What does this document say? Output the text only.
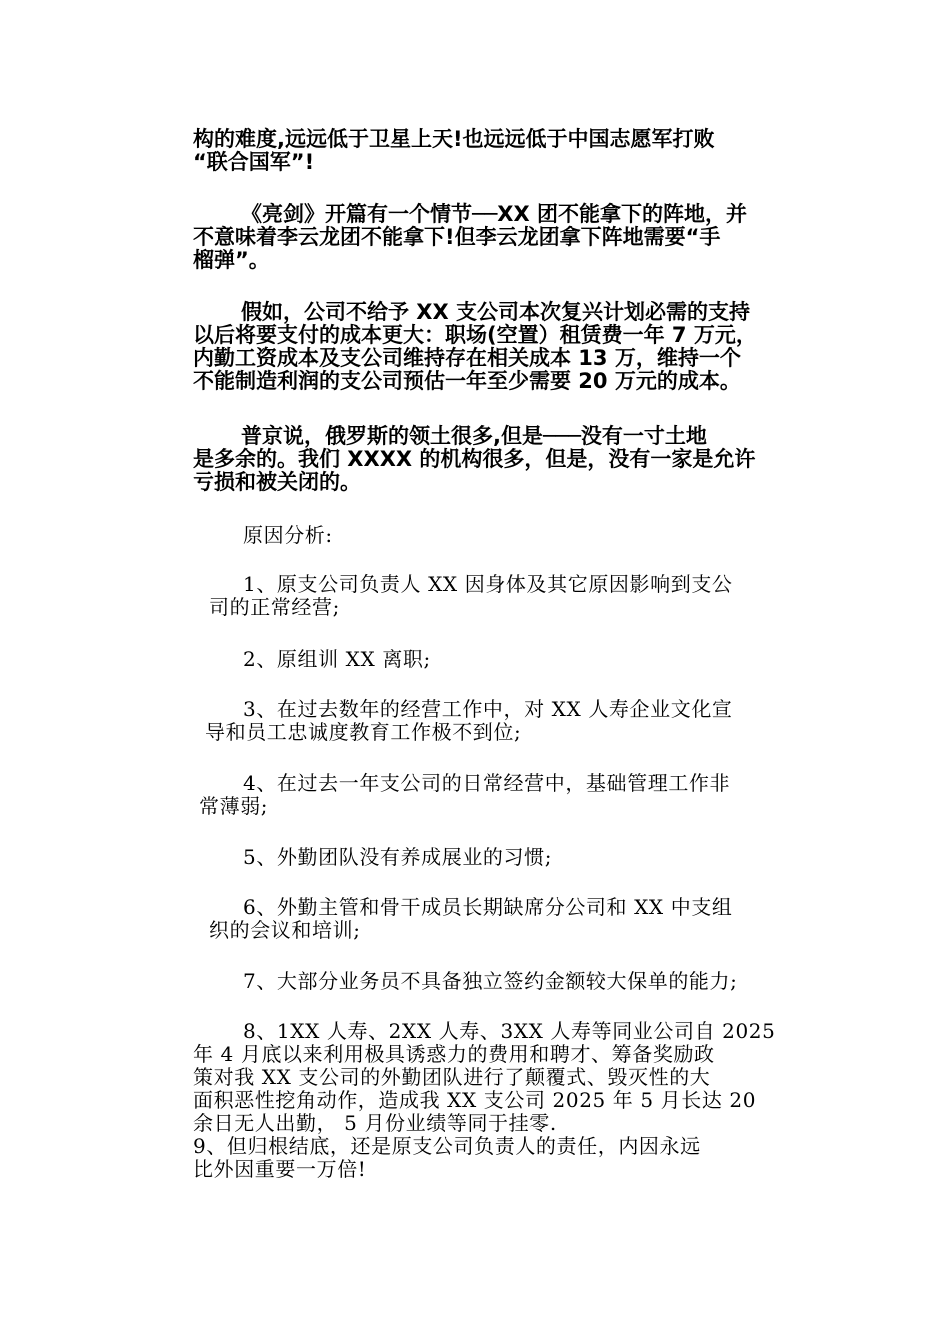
构的难度,远远低于卫星上天!也远远低于中国志愿军打败
“联合国军”!

《亮剑》开篇有一个情节──XX 团不能拿下的阵地，并
不意味着李云龙团不能拿下!但李云龙团拿下阵地需要“手
榴弹”。

假如，公司不给予 XX 支公司本次复兴计划必需的支持
以后将要支付的成本更大：职场(空置）租赁费一年 7 万元，
内勤工资成本及支公司维持存在相关成本 13 万，维持一个
不能制造利润的支公司预估一年至少需要 20 万元的成本。

普京说，俄罗斯的领土很多,但是───没有一寸土地
是多余的。我们 XXXX 的机构很多，但是，没有一家是允许
亏损和被关闭的。

原因分析:

1、原支公司负责人 XX 因身体及其它原因影响到支公
司的正常经营;

2、原组训 XX 离职;

3、在过去数年的经营工作中，对 XX 人寿企业文化宣
导和员工忠诚度教育工作极不到位;

4、在过去一年支公司的日常经营中，基础管理工作非
常薄弱;

5、外勤团队没有养成展业的习惯;

6、外勤主管和骨干成员长期缺席分公司和 XX 中支组
织的会议和培训;

7、大部分业务员不具备独立签约金额较大保单的能力;

8、1XX 人寿、2XX 人寿、3XX 人寿等同业公司自 2025
年 4 月底以来利用极具诱惑力的费用和聘才、筹备奖励政
策对我 XX 支公司的外勤团队进行了颠覆式、毁灭性的大
面积恶性挖角动作，造成我 XX 支公司 2025 年 5 月长达 20
余日无人出勤， 5 月份业绩等同于挂零.
9、但归根结底，还是原支公司负责人的责任，内因永远
比外因重要一万倍!
